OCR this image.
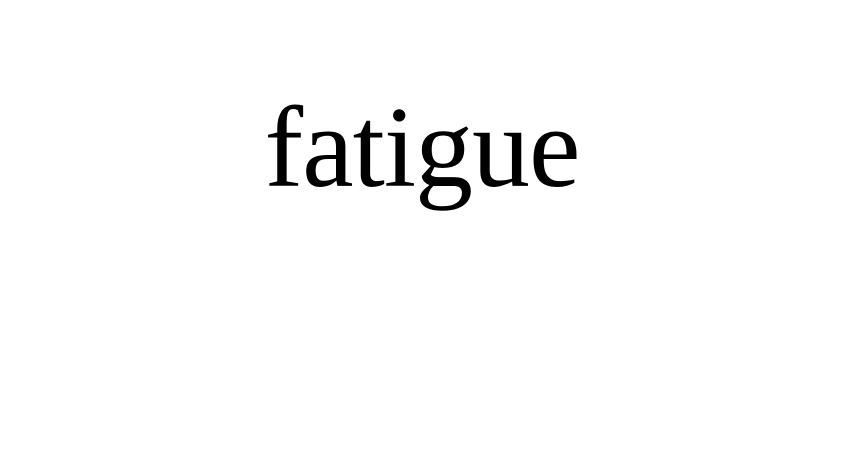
fatigue
